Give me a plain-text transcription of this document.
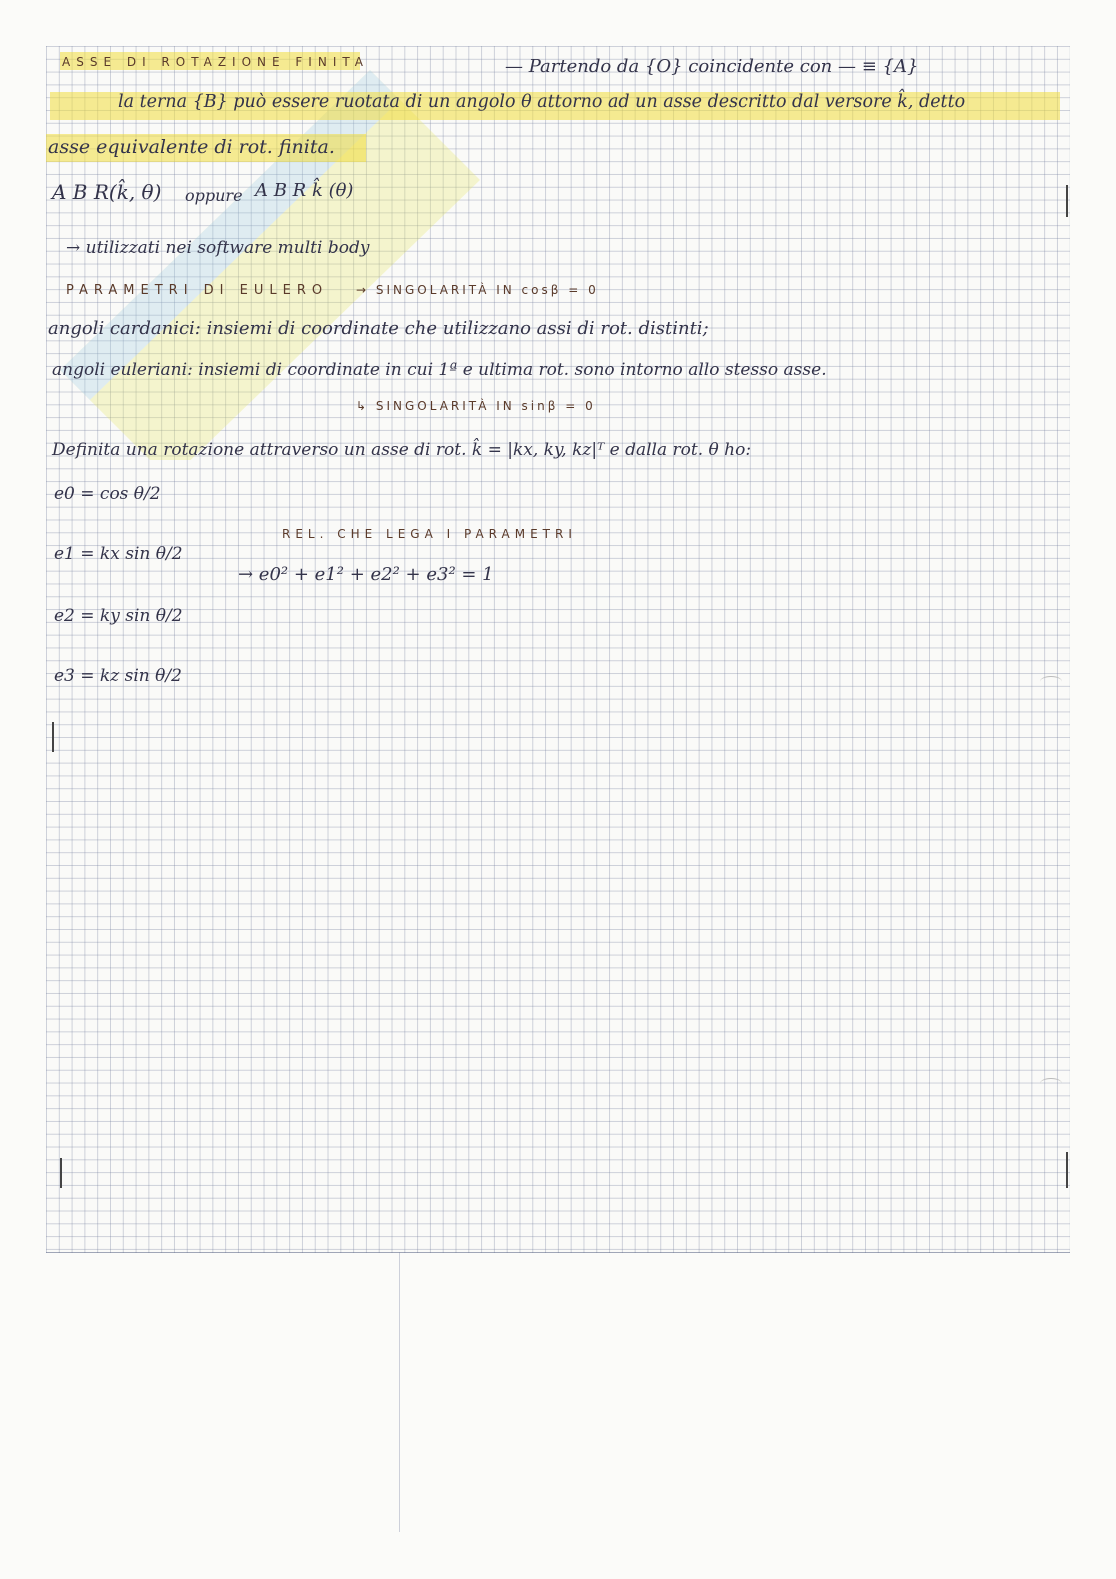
ASSE DI ROTAZIONE FINITA	— Partendo da {O} coincidente con — ≡ {A}
la terna {B} può essere ruotata di un angolo θ attorno ad un asse descritto dal versore k̂, detto
asse equivalente di rot. finita.
A B R(k̂, θ) oppure A B R k̂ (θ)
→ utilizzati nei software multi body
PARAMETRI DI EULERO → SINGOLARITÀ IN cosβ = 0
angoli cardanici: insiemi di coordinate che utilizzano assi di rot. distinti;
angoli euleriani: insiemi di coordinate in cui 1ª e ultima rot. sono intorno allo stesso asse.
↳ SINGOLARITÀ IN sinβ = 0
Definita una rotazione attraverso un asse di rot. k̂ = |kx, ky, kz|ᵀ e dalla rot. θ ho:
e0 = cos θ/2
REL. CHE LEGA I PARAMETRI
e1 = kx sin θ/2
→ e0² + e1² + e2² + e3² = 1
e2 = ky sin θ/2
e3 = kz sin θ/2
